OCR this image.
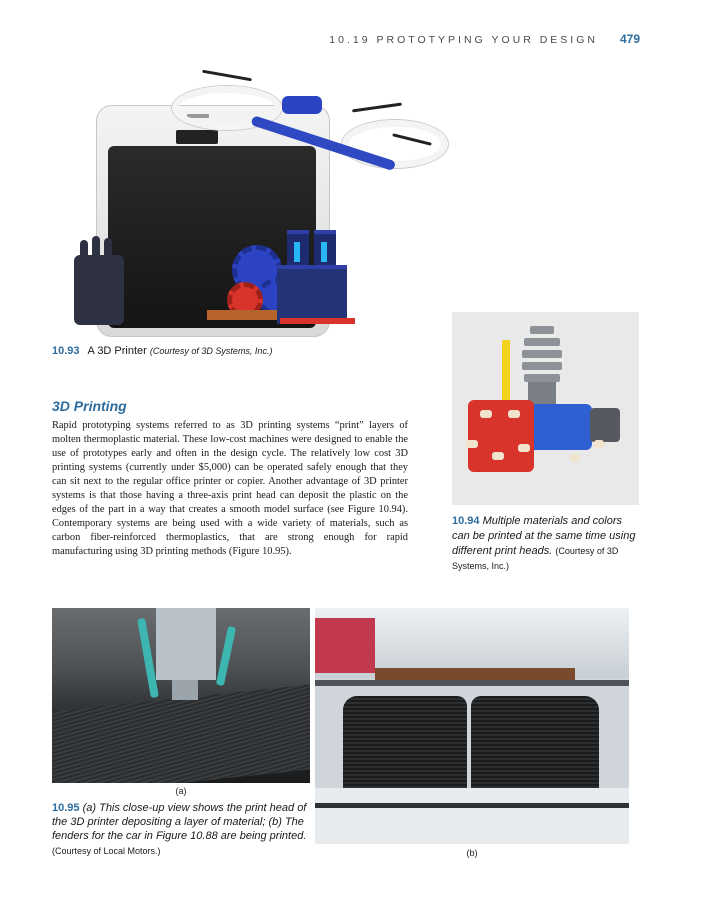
10.19 PROTOTYPING YOUR DESIGN 479
10.93 A 3D Printer (Courtesy of 3D Systems, Inc.)
3D Printing

Rapid prototyping systems referred to as 3D printing systems “print” layers of molten thermoplastic material. These low-cost machines were designed to enable the use of prototypes early and often in the design cycle. The relatively low cost 3D printing systems (currently under $5,000) can be operated safely enough that they can sit next to the regular office printer or copier. Another advantage of 3D printer systems is that those having a three-axis print head can deposit the plastic on the edges of the part in a way that creates a smooth model surface (see Figure 10.94). Contemporary systems are being used with a wide variety of materials, such as carbon fiber-reinforced thermoplastics, that are strong enough for rapid manufacturing using 3D printing methods (Figure 10.95).

10.94 Multiple materials and colors can be printed at the same time using different print heads. (Courtesy of 3D Systems, Inc.)
(a)
10.95 (a) This close-up view shows the print head of the 3D printer depositing a layer of material; (b) The fenders for the car in Figure 10.88 are being printed. (Courtesy of Local Motors.)	(b)
